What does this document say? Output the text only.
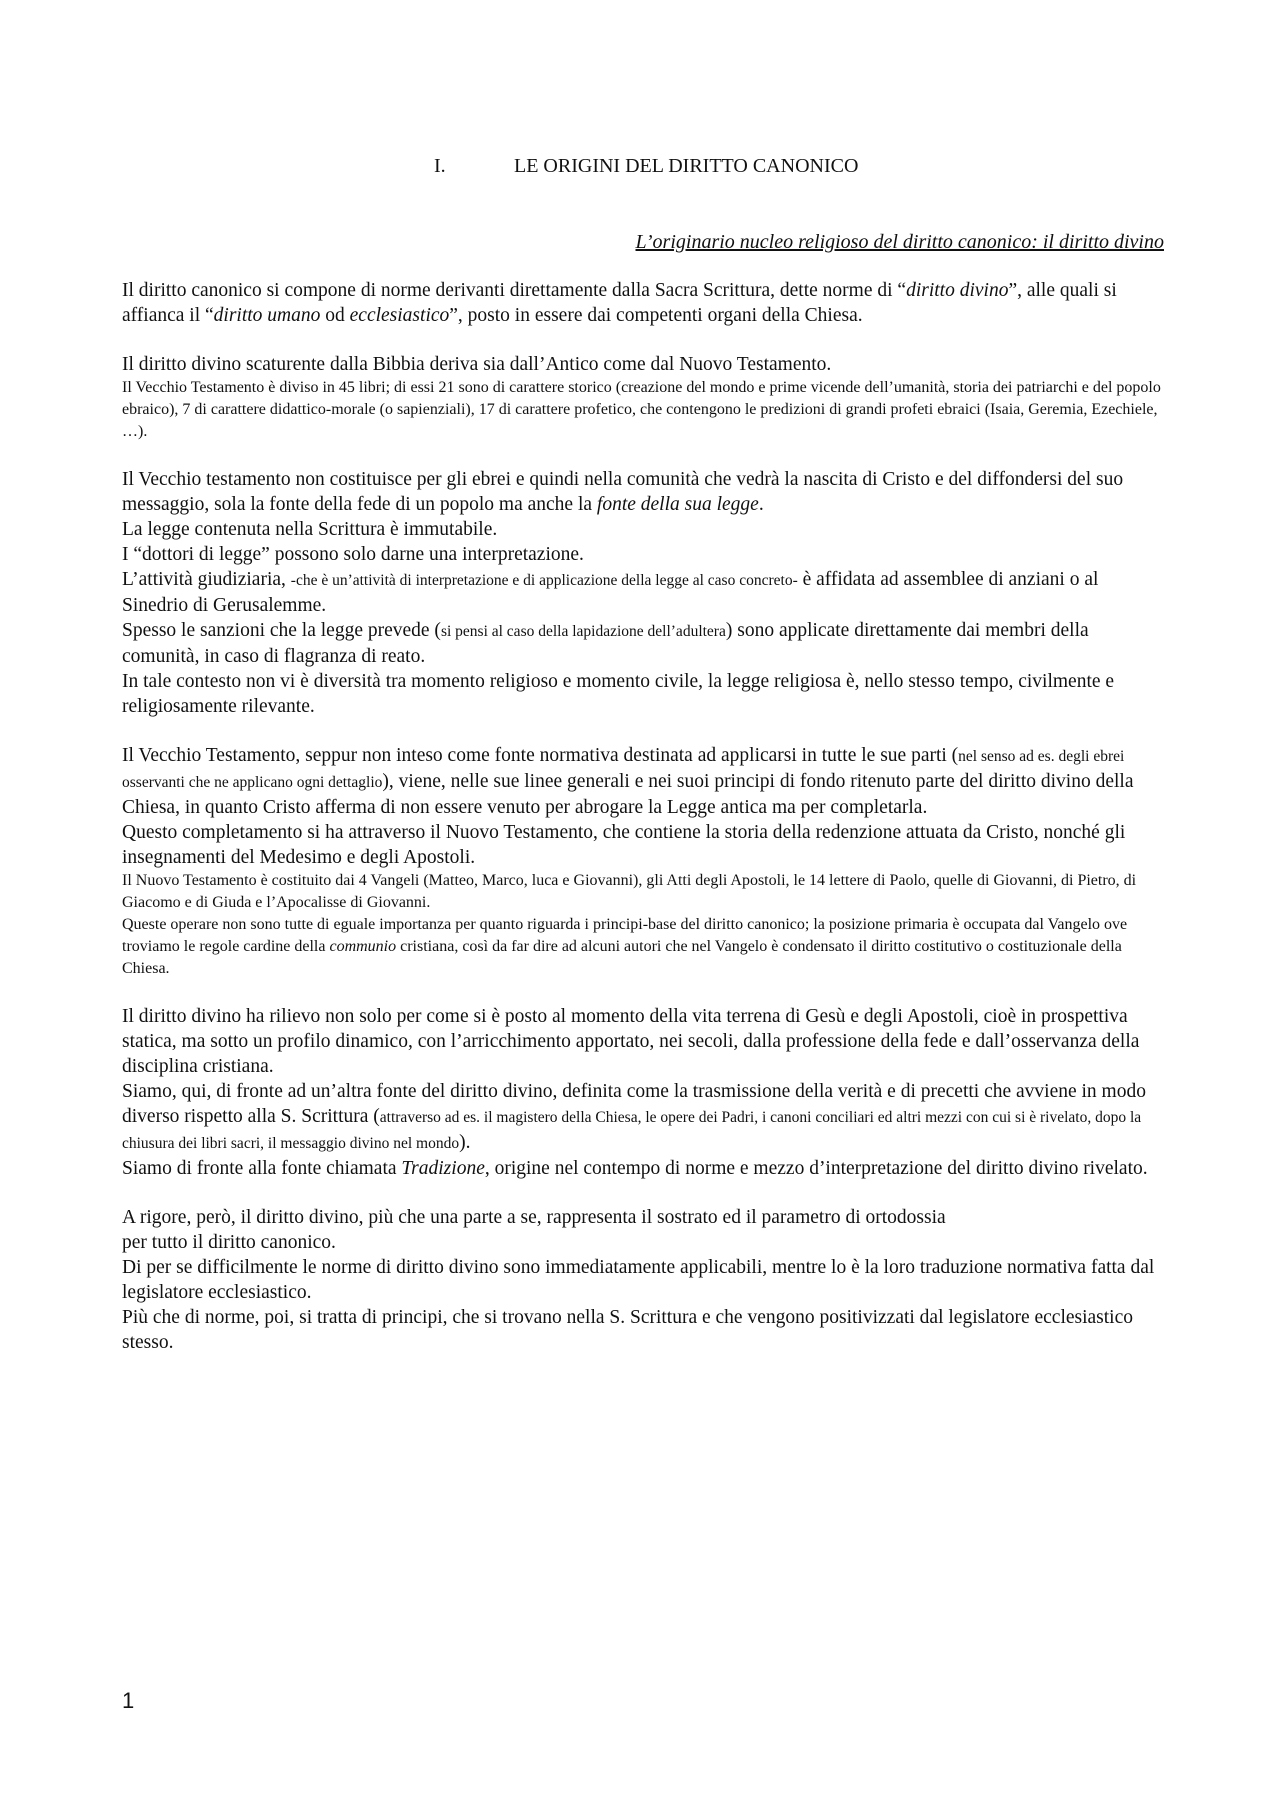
I.	LE ORIGINI DEL DIRITTO CANONICO
L’originario nucleo religioso del diritto canonico: il diritto divino

Il diritto canonico si compone di norme derivanti direttamente dalla Sacra Scrittura, dette norme di “diritto divino”, alle quali si affianca il “diritto umano od ecclesiastico”, posto in essere dai competenti organi della Chiesa.

Il diritto divino scaturente dalla Bibbia deriva sia dall’Antico come dal Nuovo Testamento.

Il Vecchio Testamento è diviso in 45 libri; di essi 21 sono di carattere storico (creazione del mondo e prime vicende dell’umanità, storia dei patriarchi e del popolo ebraico), 7 di carattere didattico-morale (o sapienziali), 17 di carattere profetico, che contengono le predizioni di grandi profeti ebraici (Isaia, Geremia, Ezechiele, …).

Il Vecchio testamento non costituisce per gli ebrei e quindi nella comunità che vedrà la nascita di Cristo e del diffondersi del suo messaggio, sola la fonte della fede di un popolo ma anche la fonte della sua legge.

La legge contenuta nella Scrittura è immutabile.

I “dottori di legge” possono solo darne una interpretazione.

L’attività giudiziaria, -che è un’attività di interpretazione e di applicazione della legge al caso concreto- è affidata ad assemblee di anziani o al Sinedrio di Gerusalemme.

Spesso le sanzioni che la legge prevede (si pensi al caso della lapidazione dell’adultera) sono applicate direttamente dai membri della comunità, in caso di flagranza di reato.

In tale contesto non vi è diversità tra momento religioso e momento civile, la legge religiosa è, nello stesso tempo, civilmente e religiosamente rilevante.

Il Vecchio Testamento, seppur non inteso come fonte normativa destinata ad applicarsi in tutte le sue parti (nel senso ad es. degli ebrei osservanti che ne applicano ogni dettaglio), viene, nelle sue linee generali e nei suoi principi di fondo ritenuto parte del diritto divino della Chiesa, in quanto Cristo afferma di non essere venuto per abrogare la Legge antica ma per completarla.

Questo completamento si ha attraverso il Nuovo Testamento, che contiene la storia della redenzione attuata da Cristo, nonché gli insegnamenti del Medesimo e degli Apostoli.

Il Nuovo Testamento è costituito dai 4 Vangeli (Matteo, Marco, luca e Giovanni), gli Atti degli Apostoli, le 14 lettere di Paolo, quelle di Giovanni, di Pietro, di Giacomo e di Giuda e l’Apocalisse di Giovanni.

Queste operare non sono tutte di eguale importanza per quanto riguarda i principi-base del diritto canonico; la posizione primaria è occupata dal Vangelo ove troviamo le regole cardine della communio cristiana, così da far dire ad alcuni autori che nel Vangelo è condensato il diritto costitutivo o costituzionale della Chiesa.

Il diritto divino ha rilievo non solo per come si è posto al momento della vita terrena di Gesù e degli Apostoli, cioè in prospettiva statica, ma sotto un profilo dinamico, con l’arricchimento apportato, nei secoli, dalla professione della fede e dall’osservanza della disciplina cristiana.

Siamo, qui, di fronte ad un’altra fonte del diritto divino, definita come la trasmissione della verità e di precetti che avviene in modo diverso rispetto alla S. Scrittura (attraverso ad es. il magistero della Chiesa, le opere dei Padri, i canoni conciliari ed altri mezzi con cui si è rivelato, dopo la chiusura dei libri sacri, il messaggio divino nel mondo).

Siamo di fronte alla fonte chiamata Tradizione, origine nel contempo di norme e mezzo d’interpretazione del diritto divino rivelato.

A rigore, però, il diritto divino, più che una parte a se, rappresenta il sostrato ed il parametro di ortodossia
per tutto il diritto canonico.

Di per se difficilmente le norme di diritto divino sono immediatamente applicabili, mentre lo è la loro traduzione normativa fatta dal legislatore ecclesiastico.

Più che di norme, poi, si tratta di principi, che si trovano nella S. Scrittura e che vengono positivizzati dal legislatore ecclesiastico stesso.

1
